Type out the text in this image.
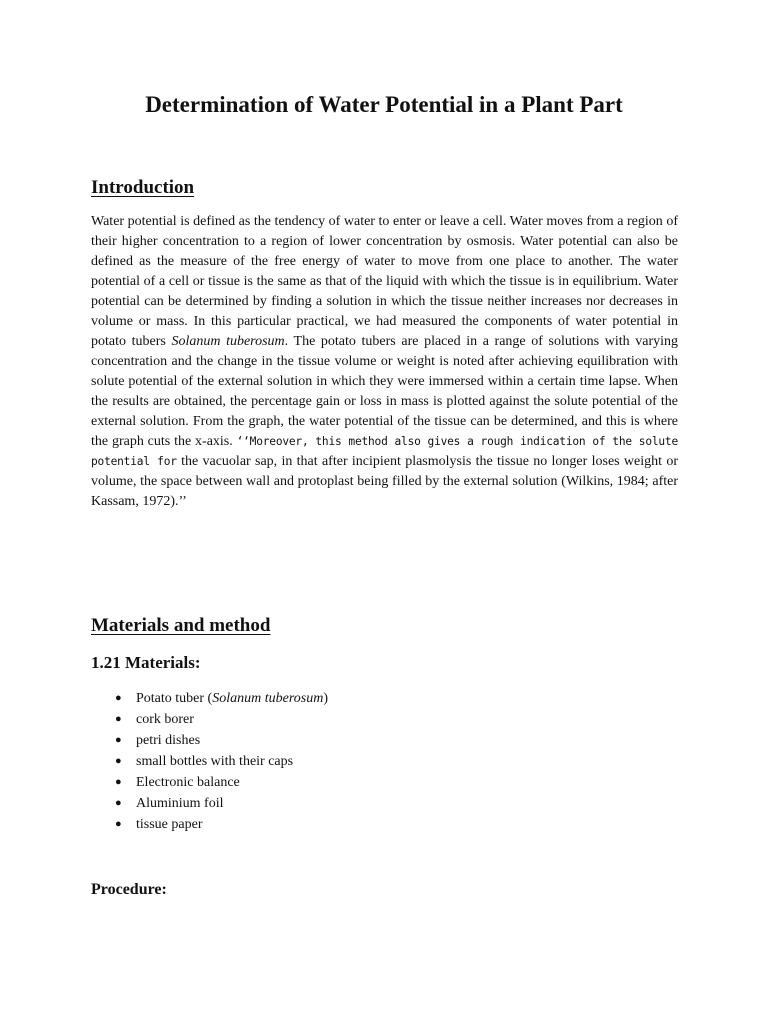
Determination of Water Potential in a Plant Part
Introduction

Water potential is defined as the tendency of water to enter or leave a cell. Water moves from a region of their higher concentration to a region of lower concentration by osmosis. Water potential can also be defined as the measure of the free energy of water to move from one place to another. The water potential of a cell or tissue is the same as that of the liquid with which the tissue is in equilibrium. Water potential can be determined by finding a solution in which the tissue neither increases nor decreases in volume or mass. In this particular practical, we had measured the components of water potential in potato tubers Solanum tuberosum. The potato tubers are placed in a range of solutions with varying concentration and the change in the tissue volume or weight is noted after achieving equilibration with solute potential of the external solution in which they were immersed within a certain time lapse. When the results are obtained, the percentage gain or loss in mass is plotted against the solute potential of the external solution. From the graph, the water potential of the tissue can be determined, and this is where the graph cuts the x-axis. ‘‘Moreover, this method also gives a rough indication of the solute potential for the vacuolar sap, in that after incipient plasmolysis the tissue no longer loses weight or volume, the space between wall and protoplast being filled by the external solution (Wilkins, 1984; after Kassam, 1972).’’

Materials and method
1.21 Materials:
● Potato tuber (Solanum tuberosum)
● cork borer
● petri dishes
● small bottles with their caps
● Electronic balance
● Aluminium foil
● tissue paper
Procedure:
